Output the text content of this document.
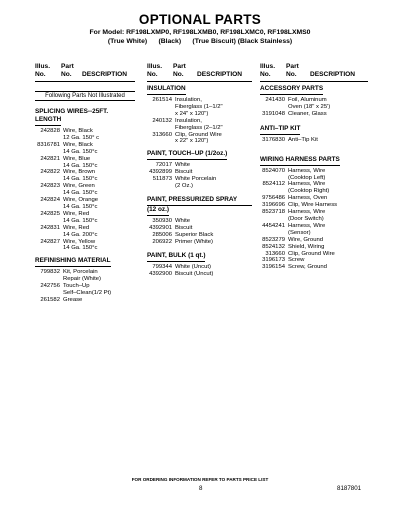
OPTIONAL PARTS
For Model: RF198LXMP0, RF198LXMB0, RF198LXMC0, RF198LXMS0
(True White)      (Black)      (True Biscuit) (Black Stainless)
Illus. Part
No. No. DESCRIPTION
Following Parts Not Illustrated
SPLICING WIRES--25FT.
LENGTH
242828 Wire, Black
12 Ga. 150° c
8316781 Wire, Black
14 Ga. 150°c
242821 Wire, Blue
14 Ga. 150°c
242822 Wire, Brown
14 Ga. 150°c
242823 Wire, Green
14 Ga. 150°c
242824 Wire, Orange
14 Ga. 150°c
242825 Wire, Red
14 Ga. 150°c
242831 Wire, Red
14 Ga. 200°c
242827 Wire, Yellow
14 Ga. 150°c
REFINISHING MATERIAL
799832 Kit, Porcelain
Repair (White)
242756 Touch–Up
Self–Clean(1/2 Pt)
261582 Grease
Illus. Part
No. No. DESCRIPTION
INSULATION
261514 Insulation,
Fiberglass (1–1/2"
x 24" x 120")
240132 Insulation,
Fiberglass (2–1/2"
313660 Clip, Ground Wire
x 22" x 120")
PAINT, TOUCH–UP (1/2oz.)
72017 White
4392899 Biscuit
511873 White Porcelain
(2 Oz.)
PAINT, PRESSURIZED SPRAY
(12 oz.)
350930 White
4392901 Biscuit
285006 Superior Black
206922 Primer (White)
PAINT, BULK (1 qt.)
799344 White (Uncut)
4392900 Biscuit (Uncut)
Illus. Part
No. No. DESCRIPTION
ACCESSORY PARTS
241430 Foil, Aluminum
Oven (18" x 25')
3191048 Cleaner, Glass
ANTI–TIP KIT
3176830 Anti–Tip Kit
WIRING HARNESS PARTS
8524070 Harness, Wire
(Cooktop Left)
8524112 Harness, Wire
(Cooktop Right)
9756486 Harness, Oven
3196696 Clip, Wire Harness
8523718 Harness, Wire
(Door Switch)
4454241 Harness, Wire
(Sensor)
8523279 Wire, Ground
8524132 Shield, Wiring
313660 Clip, Ground Wire
3196173 Screw
3196154 Screw, Ground
FOR ORDERING INFORMATION REFER TO PARTS PRICE LIST
8	8187801
